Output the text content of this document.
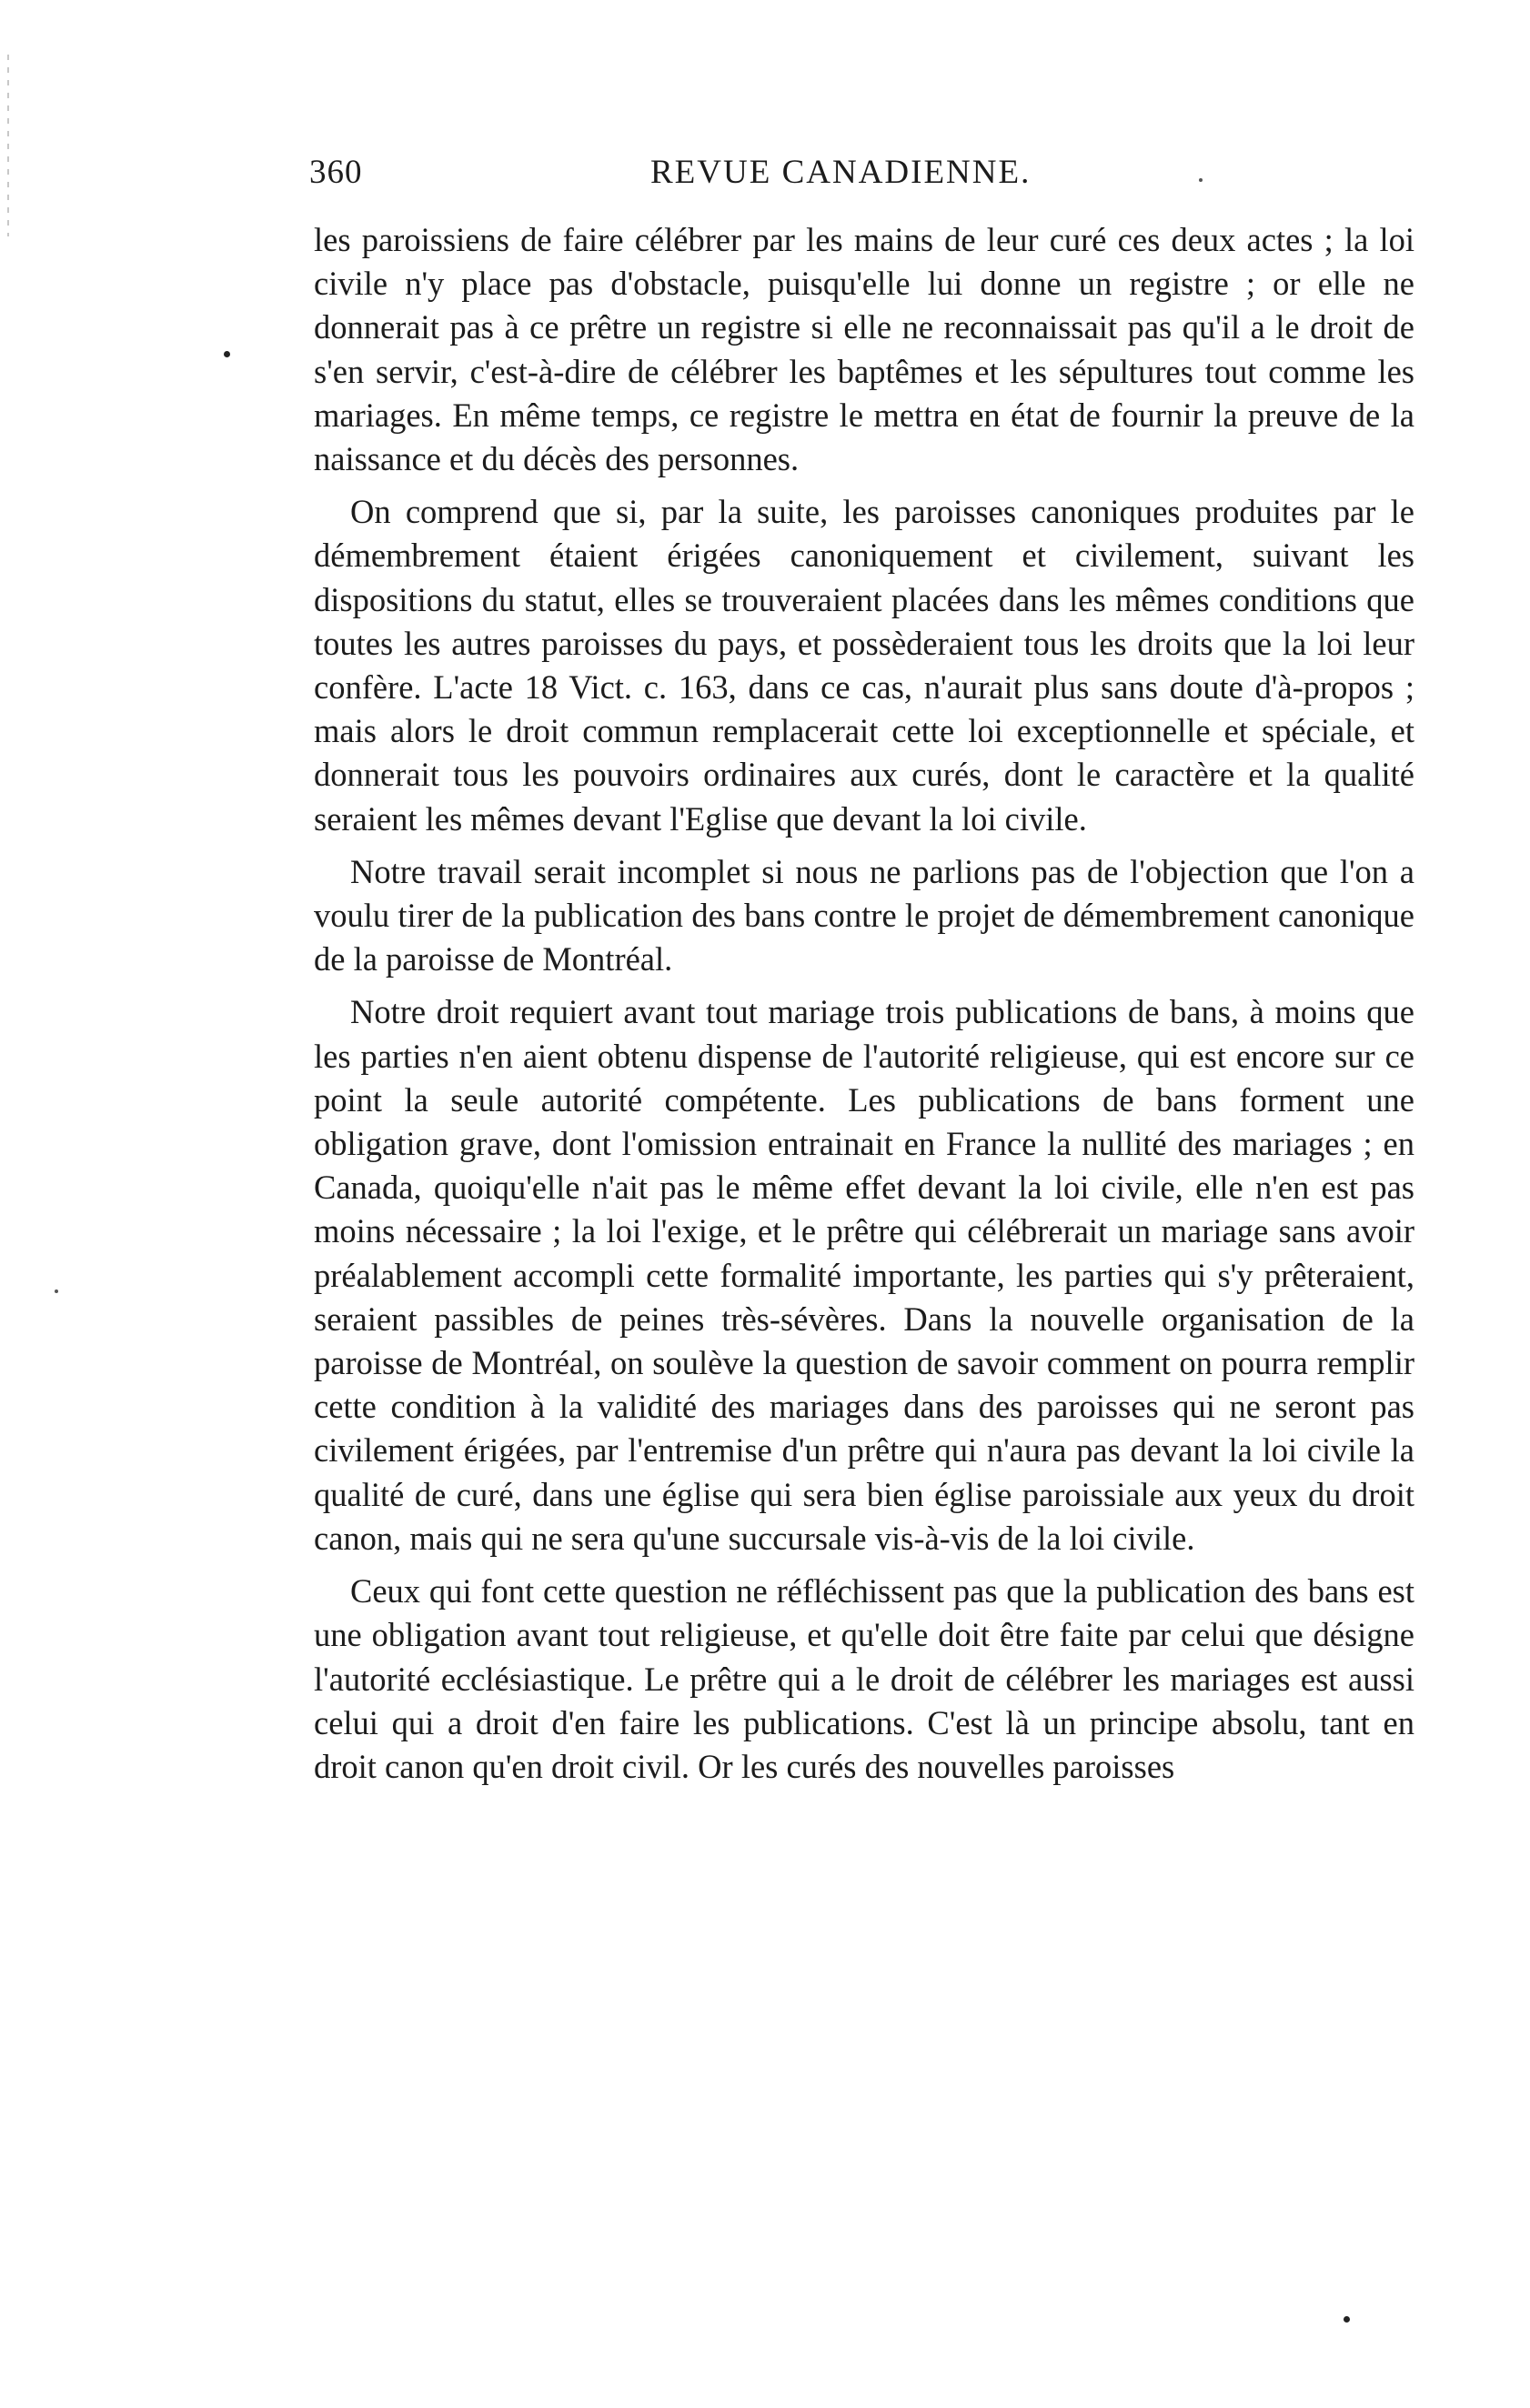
360	REVUE CANADIENNE.

les paroissiens de faire célébrer par les mains de leur curé ces deux actes ; la loi civile n'y place pas d'obstacle, puisqu'elle lui donne un registre ; or elle ne donnerait pas à ce prêtre un registre si elle ne reconnaissait pas qu'il a le droit de s'en servir, c'est-à-dire de célébrer les baptêmes et les sépultures tout comme les mariages. En même temps, ce registre le mettra en état de fournir la preuve de la naissance et du décès des personnes.

On comprend que si, par la suite, les paroisses canoniques produites par le démembrement étaient érigées canoniquement et civilement, suivant les dispositions du statut, elles se trouveraient placées dans les mêmes conditions que toutes les autres paroisses du pays, et possèderaient tous les droits que la loi leur confère. L'acte 18 Vict. c. 163, dans ce cas, n'aurait plus sans doute d'à-propos ; mais alors le droit commun remplacerait cette loi exceptionnelle et spéciale, et donnerait tous les pouvoirs ordinaires aux curés, dont le caractère et la qualité seraient les mêmes devant l'Eglise que devant la loi civile.

Notre travail serait incomplet si nous ne parlions pas de l'objection que l'on a voulu tirer de la publication des bans contre le projet de démembrement canonique de la paroisse de Montréal.

Notre droit requiert avant tout mariage trois publications de bans, à moins que les parties n'en aient obtenu dispense de l'autorité religieuse, qui est encore sur ce point la seule autorité compétente. Les publications de bans forment une obligation grave, dont l'omission entrainait en France la nullité des mariages ; en Canada, quoiqu'elle n'ait pas le même effet devant la loi civile, elle n'en est pas moins nécessaire ; la loi l'exige, et le prêtre qui célébrerait un mariage sans avoir préalablement accompli cette formalité importante, les parties qui s'y prêteraient, seraient passibles de peines très-sévères. Dans la nouvelle organisation de la paroisse de Montréal, on soulève la question de savoir comment on pourra remplir cette condition à la validité des mariages dans des paroisses qui ne seront pas civilement érigées, par l'entremise d'un prêtre qui n'aura pas devant la loi civile la qualité de curé, dans une église qui sera bien église paroissiale aux yeux du droit canon, mais qui ne sera qu'une succursale vis-à-vis de la loi civile.

Ceux qui font cette question ne réfléchissent pas que la publication des bans est une obligation avant tout religieuse, et qu'elle doit être faite par celui que désigne l'autorité ecclésiastique. Le prêtre qui a le droit de célébrer les mariages est aussi celui qui a droit d'en faire les publications. C'est là un principe absolu, tant en droit canon qu'en droit civil. Or les curés des nouvelles paroisses
